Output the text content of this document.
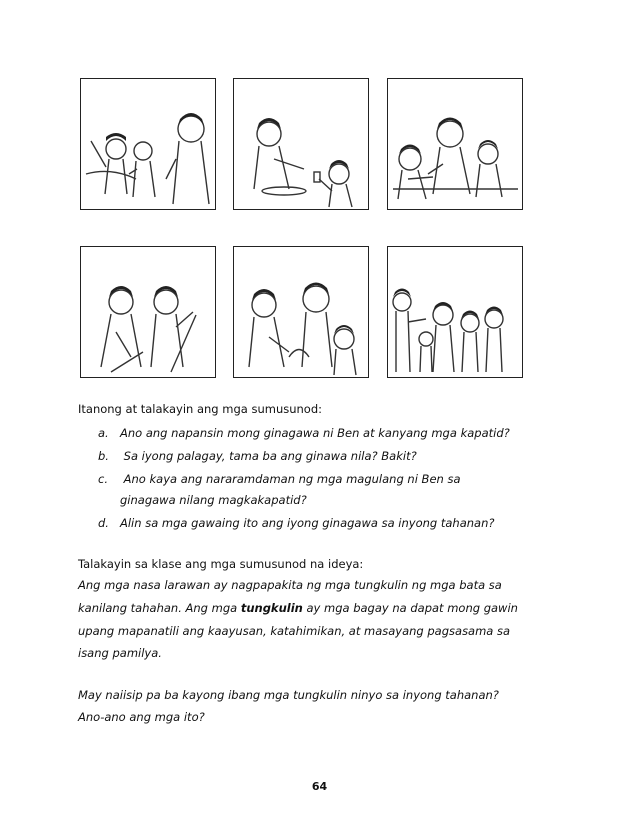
Itanong at talakayin ang mga sumusunod:
a. Ano ang napansin mong ginagawa ni Ben at kanyang mga kapatid?
b. Sa iyong palagay, tama ba ang ginawa nila? Bakit?
c. Ano kaya ang nararamdaman ng mga magulang ni Ben sa
ginagawa nilang magkakapatid?
d. Alin sa mga gawaing ito ang iyong ginagawa sa inyong tahanan?
Talakayin sa klase ang mga sumusunod na ideya:
Ang mga nasa larawan ay nagpapakita ng mga tungkulin ng mga bata sa
kanilang tahahan. Ang mga tungkulin ay mga bagay na dapat mong gawin
upang mapanatili ang kaayusan, katahimikan, at masayang pagsasama sa
isang pamilya.
May naiisip pa ba kayong ibang mga tungkulin ninyo sa inyong tahanan?
Ano-ano ang mga ito?
64
